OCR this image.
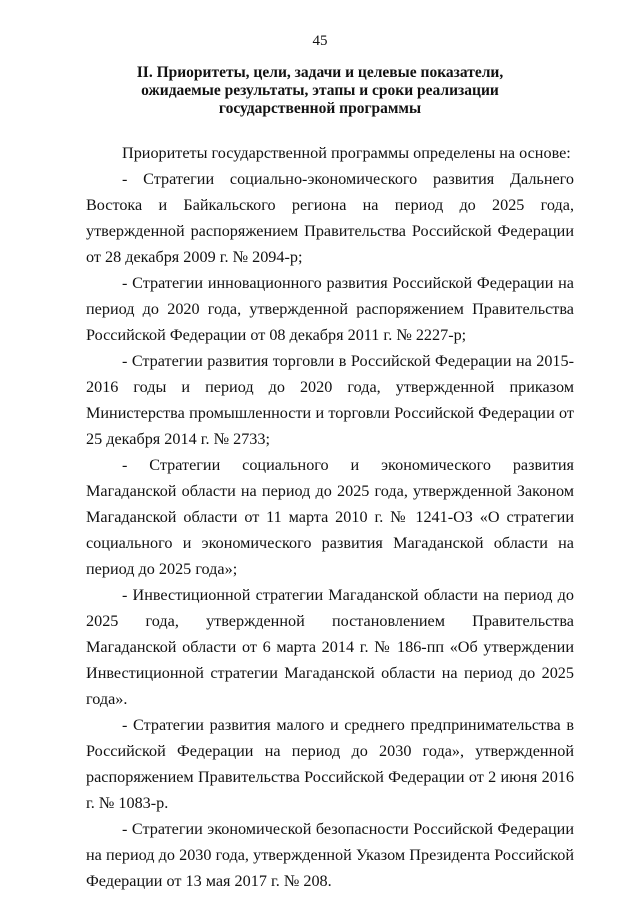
45
II. Приоритеты, цели, задачи и целевые показатели,
ожидаемые результаты, этапы и сроки реализации
государственной программы

Приоритеты государственной программы определены на основе:

- Стратегии социально-экономического развития Дальнего Востока и Байкальского региона на период до 2025 года, утвержденной распоряжением Правительства Российской Федерации от 28 декабря 2009 г. № 2094-р;

- Стратегии инновационного развития Российской Федерации на период до 2020 года, утвержденной распоряжением Правительства Российской Федерации от 08 декабря 2011 г. № 2227-р;

- Стратегии развития торговли в Российской Федерации на 2015-2016 годы и период до 2020 года, утвержденной приказом Министерства промышленности и торговли Российской Федерации от 25 декабря 2014 г. № 2733;

- Стратегии социального и экономического развития Магаданской области на период до 2025 года, утвержденной Законом Магаданской области от 11 марта 2010 г. № 1241-ОЗ «О стратегии социального и экономического развития Магаданской области на период до 2025 года»;

- Инвестиционной стратегии Магаданской области на период до 2025 года, утвержденной постановлением Правительства Магаданской области от 6 марта 2014 г. № 186-пп «Об утверждении Инвестиционной стратегии Магаданской области на период до 2025 года».

- Стратегии развития малого и среднего предпринимательства в Российской Федерации на период до 2030 года», утвержденной распоряжением Правительства Российской Федерации от 2 июня 2016 г. № 1083-р.

- Стратегии экономической безопасности Российской Федерации на период до 2030 года, утвержденной Указом Президента Российской Федерации от 13 мая 2017 г. № 208.
